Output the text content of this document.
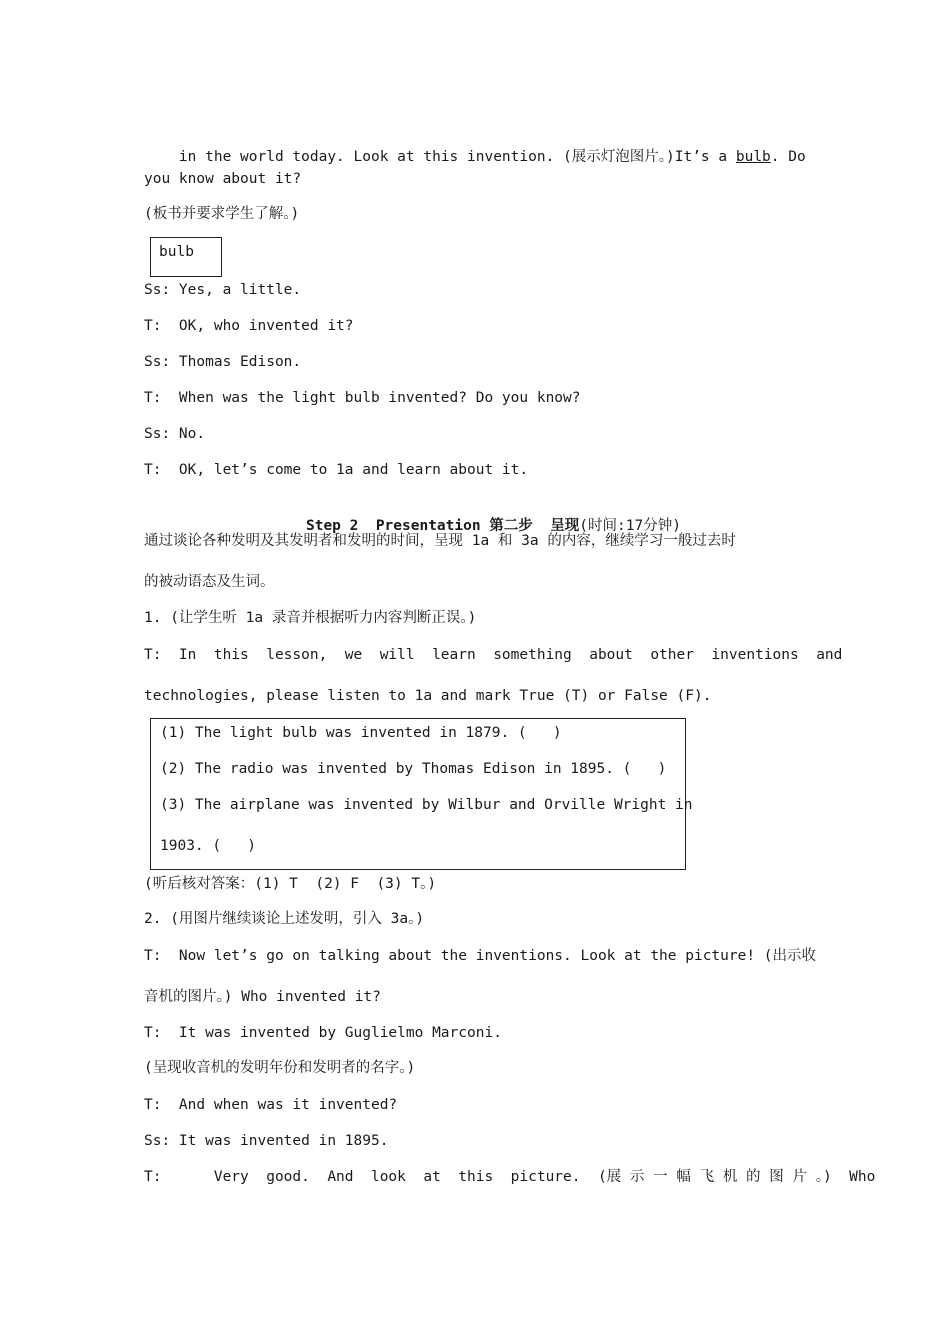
in the world today. Look at this invention. (展示灯泡图片。)It’s a bulb. Do

you know about it?
(板书并要求学生了解。)
bulb
Ss: Yes, a little.
T:  OK, who invented it?
Ss: Thomas Edison.
T:  When was the light bulb invented? Do you know?
Ss: No.
T:  OK, let’s come to 1a and learn about it.

Step 2  Presentation 第二步  呈现(时间:17分钟)

通过谈论各种发明及其发明者和发明的时间，呈现 1a 和 3a 的内容，继续学习一般过去时
的被动语态及生词。
1. (让学生听 1a 录音并根据听力内容判断正误。)
T:  In  this  lesson,  we  will  learn  something  about  other  inventions  and
technologies, please listen to 1a and mark True (T) or False (F).
(1) The light bulb was invented in 1879. (   )
(2) The radio was invented by Thomas Edison in 1895. (   )
(3) The airplane was invented by Wilbur and Orville Wright in
1903. (   )
(听后核对答案：(1) T  (2) F  (3) T。)
2. (用图片继续谈论上述发明，引入 3a。)
T:  Now let’s go on talking about the inventions. Look at the picture! (出示收
音机的图片。) Who invented it?
T:  It was invented by Guglielmo Marconi.
(呈现收音机的发明年份和发明者的名字。)
T:  And when was it invented?
Ss: It was invented in 1895.
T:      Very  good.  And  look  at  this  picture.  (展 示 一 幅 飞 机 的 图 片 。)  Who
